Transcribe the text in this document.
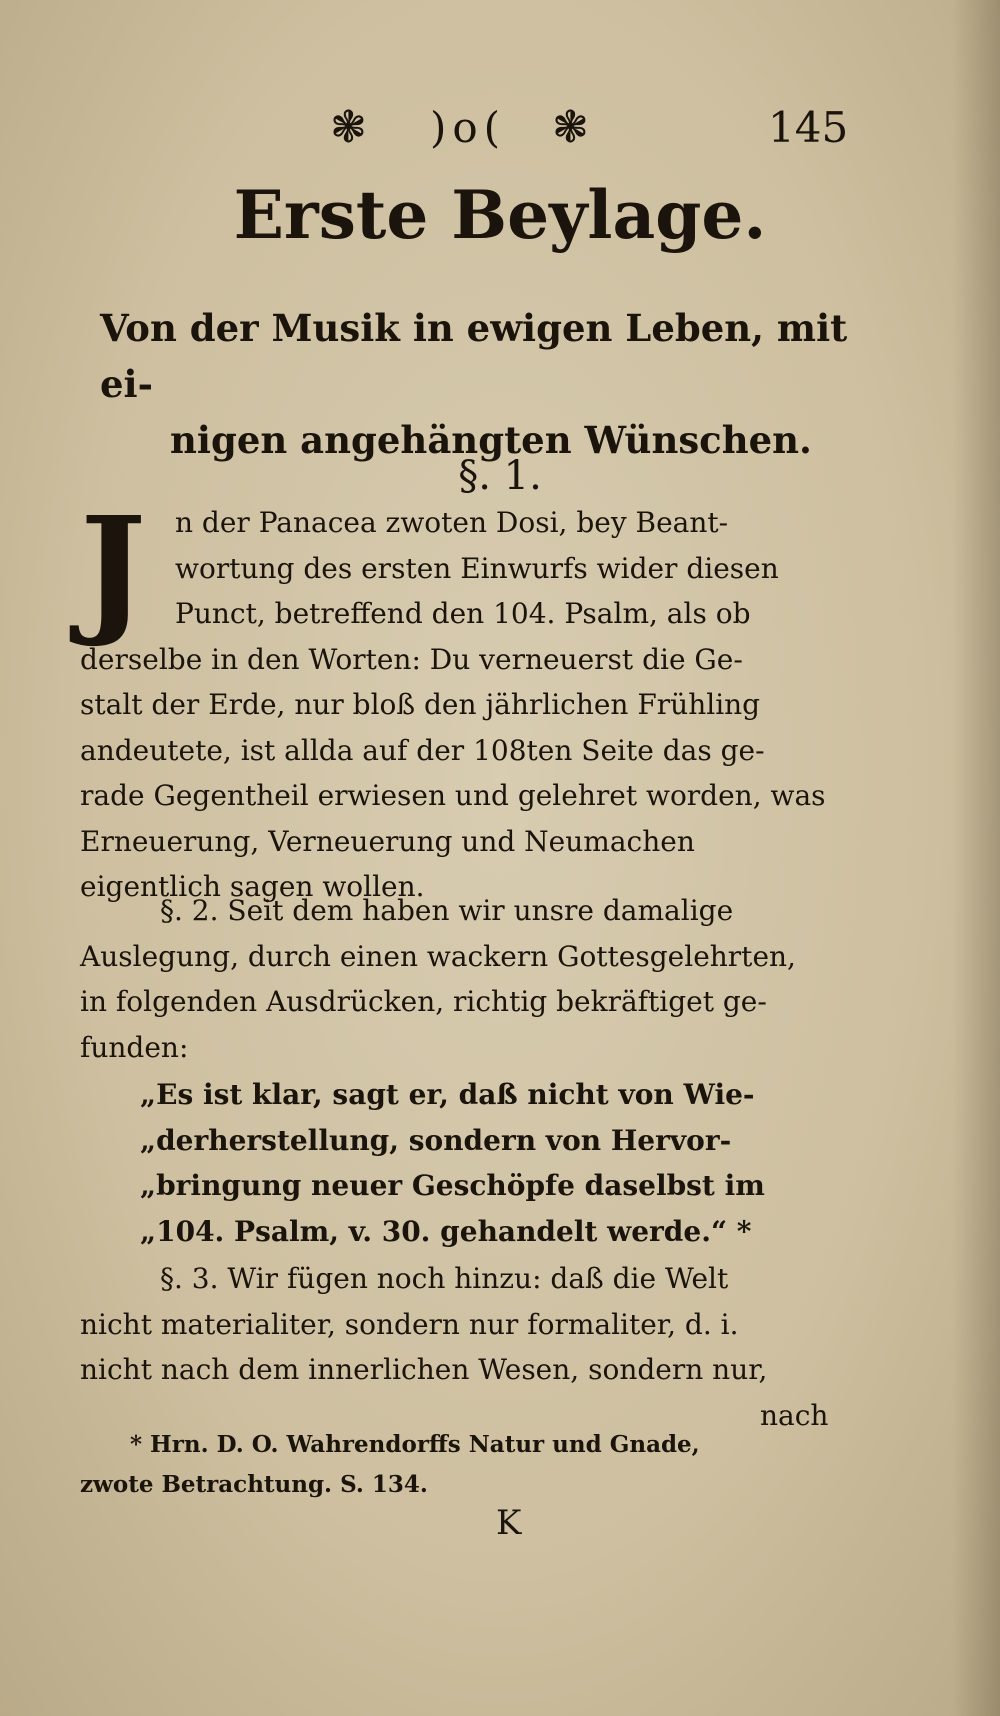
❃	)o(	❃	145
Erste Beylage.
Von der Musik in ewigen Leben, mit ei-
nigen angehängten Wünschen.
§. 1.
J	n der Panacea zwoten Dosi, bey Beant-
wortung des ersten Einwurfs wider diesen
Punct, betreffend den 104. Psalm, als ob
derselbe in den Worten: Du verneuerst die Ge-
stalt der Erde, nur bloß den jährlichen Frühling
andeutete, ist allda auf der 108ten Seite das ge-
rade Gegentheil erwiesen und gelehret worden, was
Erneuerung, Verneuerung und Neumachen
eigentlich sagen wollen.
§. 2. Seit dem haben wir unsre damalige
Auslegung, durch einen wackern Gottesgelehrten,
in folgenden Ausdrücken, richtig bekräftiget ge-
funden:
„Es ist klar, sagt er, daß nicht von Wie-
„derherstellung, sondern von Hervor-
„bringung neuer Geschöpfe daselbst im
„104. Psalm, v. 30. gehandelt werde.“ *
§. 3. Wir fügen noch hinzu: daß die Welt
nicht materialiter, sondern nur formaliter, d. i.
nicht nach dem innerlichen Wesen, sondern nur,
nach
* Hrn. D. O. Wahrendorffs Natur und Gnade,
zwote Betrachtung. S. 134.
K
